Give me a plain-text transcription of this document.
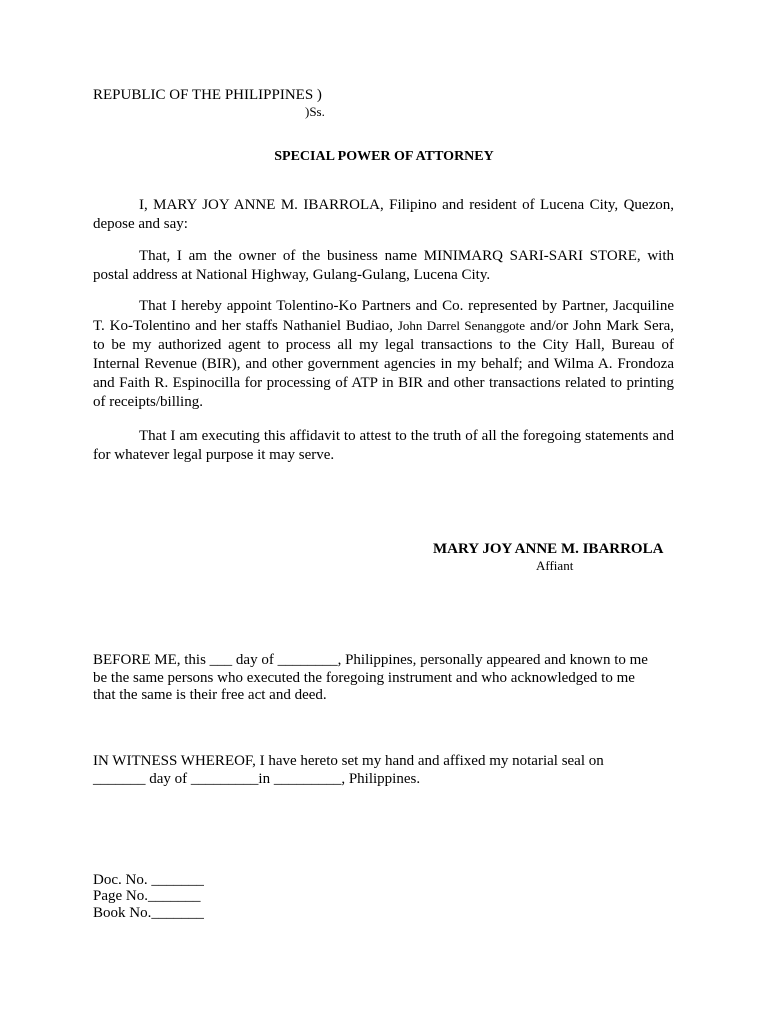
REPUBLIC OF THE PHILIPPINES )
)Ss.
SPECIAL POWER OF ATTORNEY
I, MARY JOY ANNE M. IBARROLA, Filipino and resident of Lucena City, Quezon, depose and say:
That, I am the owner of the business name MINIMARQ SARI-SARI STORE, with postal address at National Highway, Gulang-Gulang, Lucena City.
That I hereby appoint Tolentino-Ko Partners and Co. represented by Partner, Jacquiline T. Ko-Tolentino and her staffs Nathaniel Budiao, John Darrel Senanggote and/or John Mark Sera, to be my authorized agent to process all my legal transactions to the City Hall, Bureau of Internal Revenue (BIR), and other government agencies in my behalf; and Wilma A. Frondoza and Faith R. Espinocilla for processing of ATP in BIR and other transactions related to printing of receipts/billing.
That I am executing this affidavit to attest to the truth of all the foregoing statements and for whatever legal purpose it may serve.
MARY JOY ANNE M. IBARROLA
Affiant
BEFORE ME, this ___ day of ________, Philippines, personally appeared and known to me
be the same persons who executed the foregoing instrument and who acknowledged to me
that the same is their free act and deed.
IN WITNESS WHEREOF, I have hereto set my hand and affixed my notarial seal on
_______ day of _________in _________, Philippines.
Doc. No. _______
Page No._______
Book No._______
